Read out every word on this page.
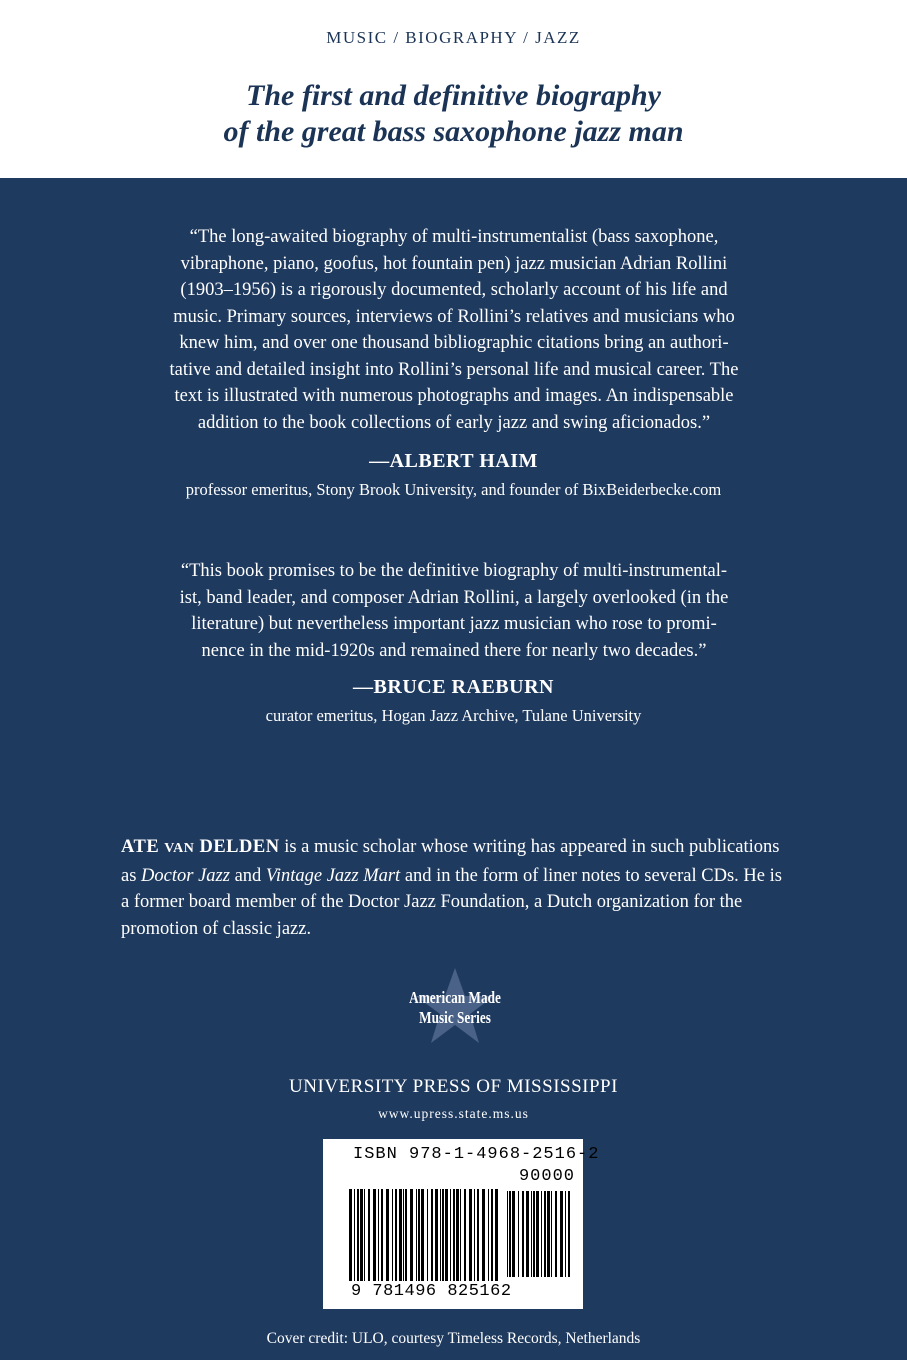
MUSIC / BIOGRAPHY / JAZZ
The first and definitive biography
of the great bass saxophone jazz man
“The long-awaited biography of multi-instrumentalist (bass saxophone,
vibraphone, piano, goofus, hot fountain pen) jazz musician Adrian Rollini
(1903–1956) is a rigorously documented, scholarly account of his life and
music. Primary sources, interviews of Rollini’s relatives and musicians who
knew him, and over one thousand bibliographic citations bring an authori-
tative and detailed insight into Rollini’s personal life and musical career. The
text is illustrated with numerous photographs and images. An indispensable
addition to the book collections of early jazz and swing aficionados.”
—ALBERT HAIM
professor emeritus, Stony Brook University, and founder of BixBeiderbecke.com
“This book promises to be the definitive biography of multi-instrumental-
ist, band leader, and composer Adrian Rollini, a largely overlooked (in the
literature) but nevertheless important jazz musician who rose to promi-
nence in the mid-1920s and remained there for nearly two decades.”
—BRUCE RAEBURN
curator emeritus, Hogan Jazz Archive, Tulane University
ATE VAN DELDEN is a music scholar whose writing has appeared in such publications as Doctor Jazz and Vintage Jazz Mart and in the form of liner notes to several CDs. He is a former board member of the Doctor Jazz Foundation, a Dutch organization for the promotion of classic jazz.
American Made
Music Series
UNIVERSITY PRESS OF MISSISSIPPI
www.upress.state.ms.us
ISBN 978-1-4968-2516-2
90000
9 781496 825162
Cover credit: ULO, courtesy Timeless Records, Netherlands
